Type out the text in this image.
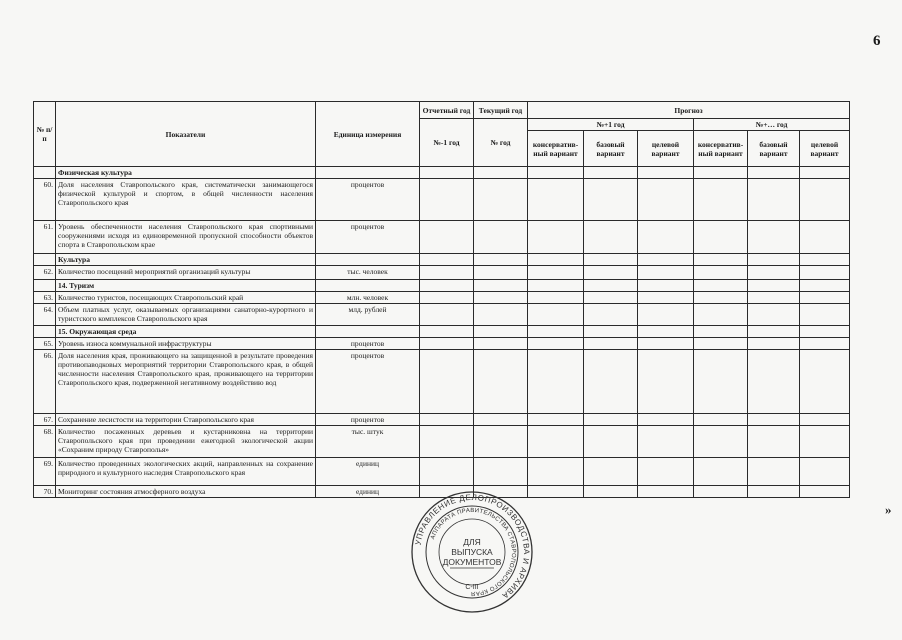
6
№ п/п	Показатели	Единица измерения	Отчетный год	Текущий год	Прогноз					
			№-1 год	№ год	№+1 год			№+… год		
					консерватив-ный вариант	базовый вариант	целевой вариант	консерватив-ный вариант	базовый вариант	целевой вариант
	Физическая культура									
60.	Доля населения Ставропольского края, систематически занимающегося физической культурой и спортом, в общей численности населения Ставропольского края	процентов								
61.	Уровень обеспеченности населения Ставропольского края спортивными сооружениями исходя из единовременной пропускной способности объектов спорта в Ставропольском крае	процентов								
	Культура									
62.	Количество посещений мероприятий организаций культуры	тыс. человек								
	14. Туризм									
63.	Количество туристов, посещающих Ставропольский край	млн. человек								
64.	Объем платных услуг, оказываемых организациями санаторно-курортного и туристского комплексов Ставропольского края	млд. рублей								
	15. Окружающая среда									
65.	Уровень износа коммунальной инфраструктуры	процентов								
66.	Доля населения края, проживающего на защищенной в результате проведения противопаводковых мероприятий территории Ставропольского края, в общей численности населения Ставропольского края, проживающего на территории Ставропольского края, подверженной негативному воздействию вод	процентов								
67.	Сохранение лесистости на территории Ставропольского края	процентов								
68.	Количество посаженных деревьев и кустарниковна на территории Ставропольского края при проведении ежегодной экологической акции «Сохраним природу Ставрополья»	тыс. штук								
69.	Количество проведенных экологических акций, направленных на сохранение природного и культурного наследия Ставропольского края	единиц								
70.	Мониторинг состояния атмосферного воздуха	единиц								
»
УПРАВЛЕНИЕ ДЕЛОПРОИЗВОДСТВА И АРХИВА
АППАРАТА ПРАВИТЕЛЬСТВА СТАВРОПОЛЬСКОГО КРАЯ
ДЛЯ
ВЫПУСКА
ДОКУМЕНТОВ
С-III
